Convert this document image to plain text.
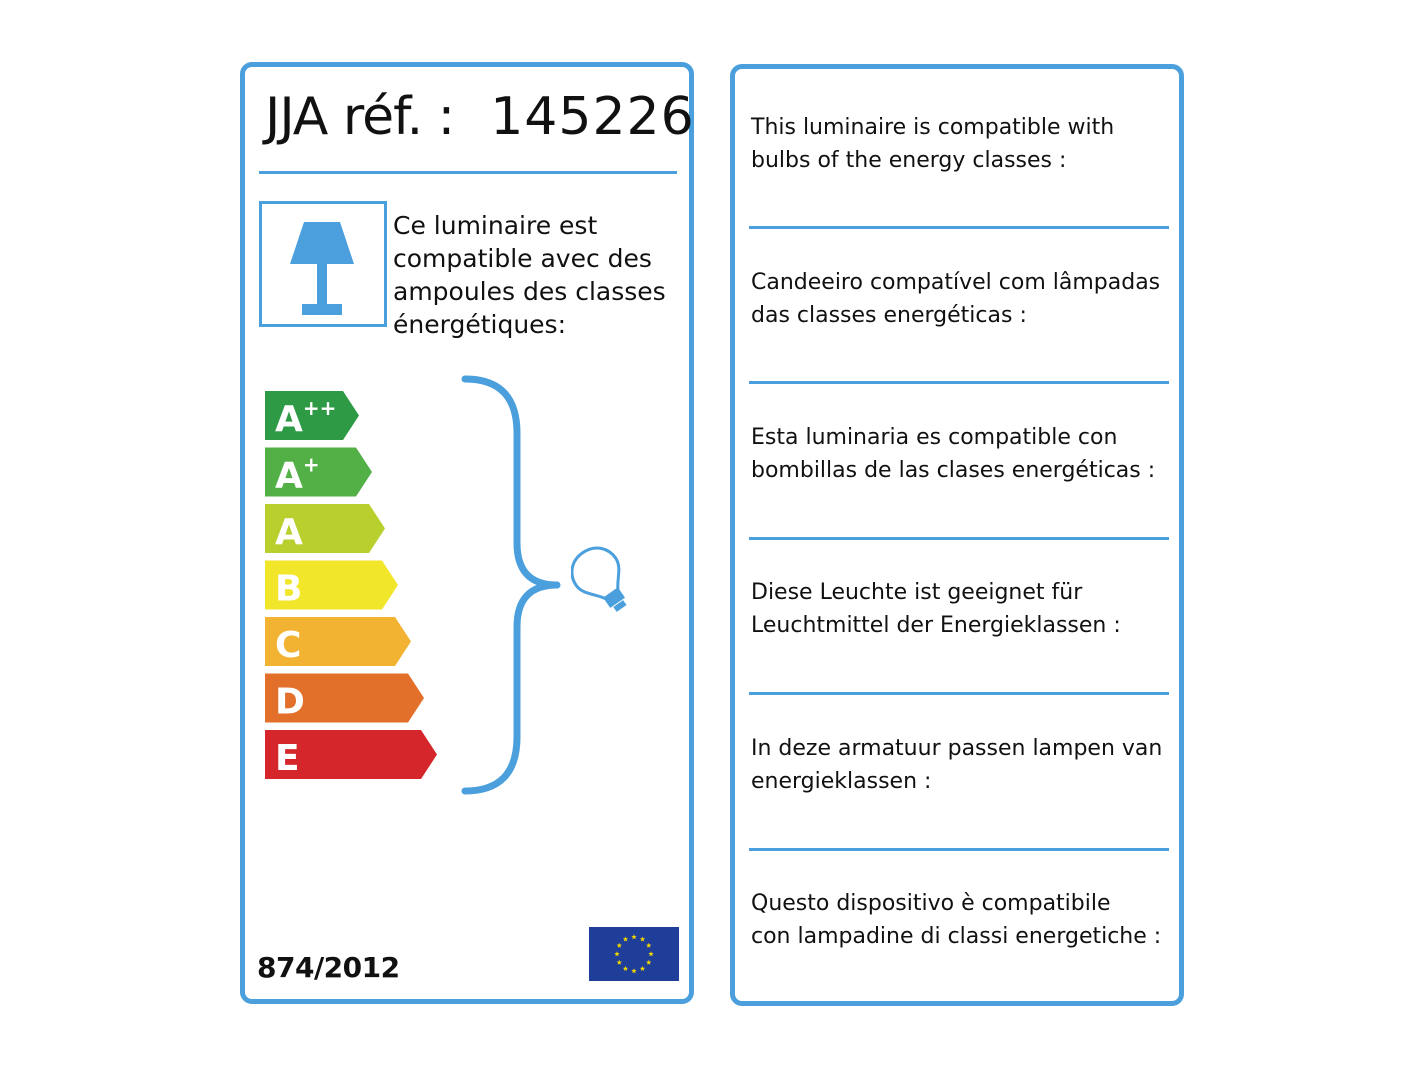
JJA réf. : 145226
Ce luminaire est compatible avec des ampoules des classes énergétiques:
A++
A+
A
B
C
D
E
874/2012
This luminaire is compatible with
bulbs of the energy classes :
Candeeiro compatível com lâmpadas
das classes energéticas :
Esta luminaria es compatible con
bombillas de las clases energéticas :
Diese Leuchte ist geeignet für
Leuchtmittel der Energieklassen :
In deze armatuur passen lampen van
energieklassen :
Questo dispositivo è compatibile
con lampadine di classi energetiche :
